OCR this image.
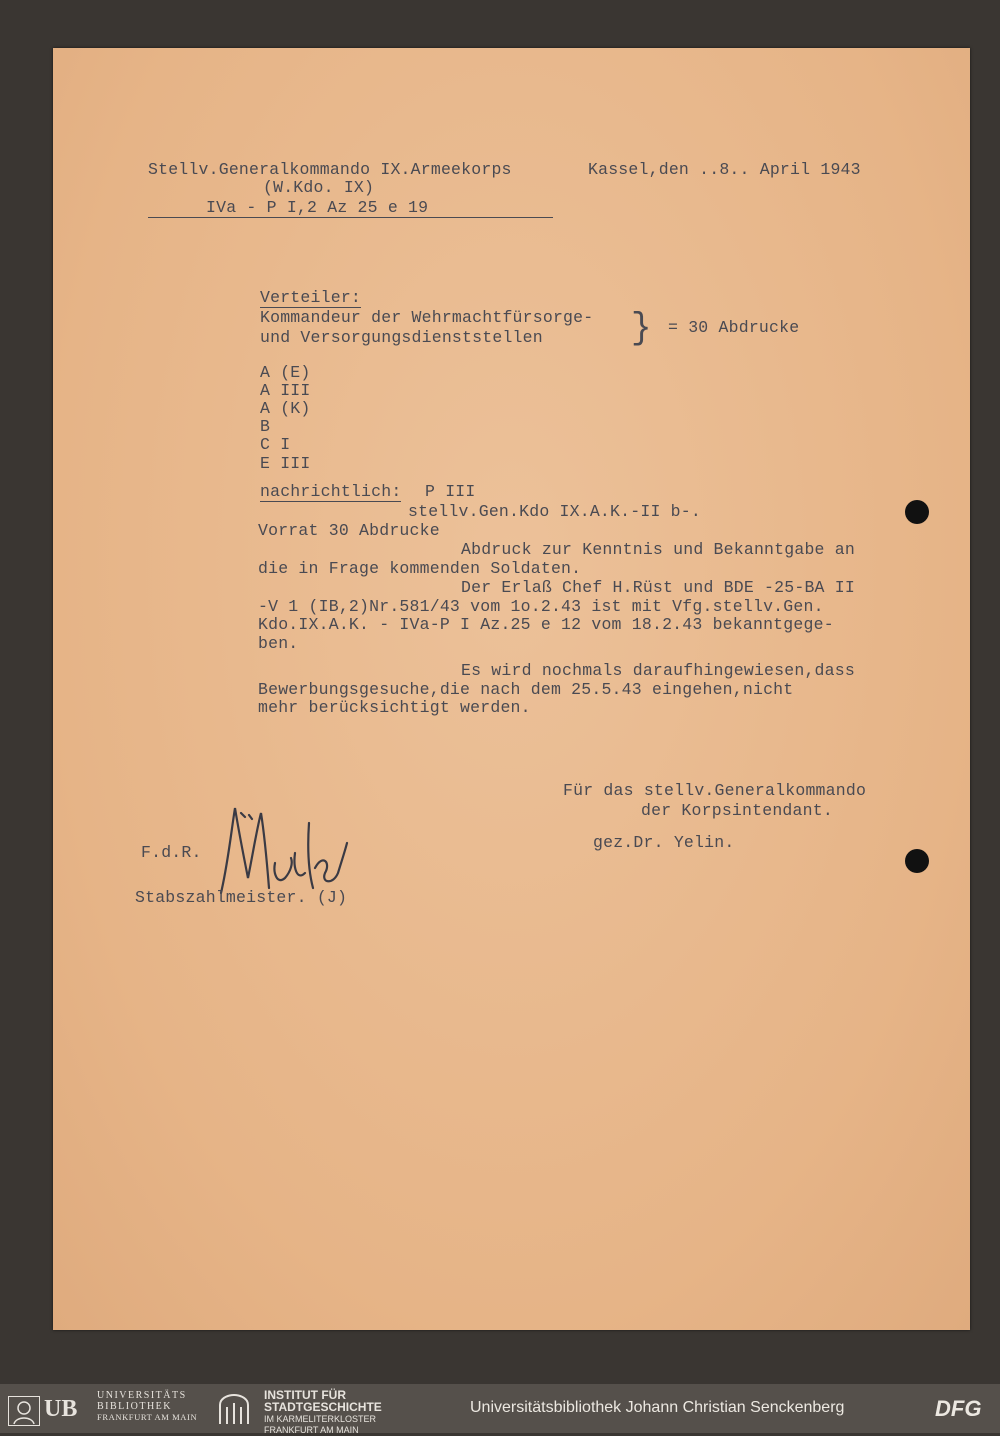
Stellv.Generalkommando IX.Armeekorps
(W.Kdo. IX)
IVa - P I,2 Az 25 e 19
Kassel,den ..8.. April 1943
Verteiler:
Kommandeur der Wehrmachtfürsorge-
und Versorgungsdienststellen	} = 30 Abdrucke
A (E)
A III
A (K)
B
C I
E III
nachrichtlich: P III
stellv.Gen.Kdo IX.A.K.-II b-.
Vorrat 30 Abdrucke
Abdruck zur Kenntnis und Bekanntgabe an
die in Frage kommenden Soldaten.
Der Erlaß Chef H.Rüst und BDE -25-BA II
-V 1 (IB,2)Nr.581/43 vom 1o.2.43 ist mit Vfg.stellv.Gen.
Kdo.IX.A.K. - IVa-P I Az.25 e 12 vom 18.2.43 bekanntgege-
ben.
Es wird nochmals daraufhingewiesen,dass
Bewerbungsgesuche,die nach dem 25.5.43 eingehen,nicht
mehr berücksichtigt werden.
Für das stellv.Generalkommando
der Korpsintendant.
gez.Dr. Yelin.
F.d.R.
Stabszahlmeister. (J)
UB
UNIVERSITÄTS
BIBLIOTHEK
FRANKFURT AM MAIN
INSTITUT FÜR
STADTGESCHICHTE
IM KARMELITERKLOSTER
FRANKFURT AM MAIN
Universitätsbibliothek Johann Christian Senckenberg	DFG
